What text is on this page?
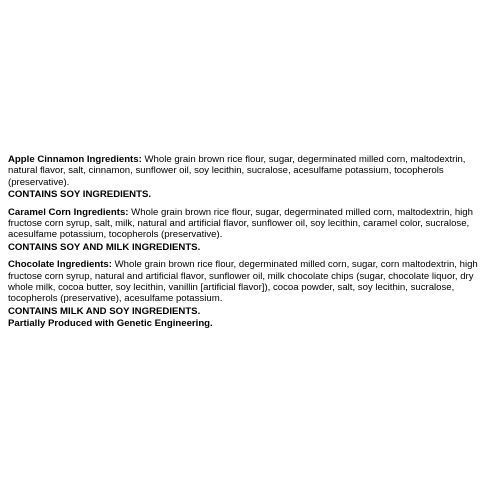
Apple Cinnamon Ingredients: Whole grain brown rice flour, sugar, degerminated milled corn, maltodextrin, natural flavor, salt, cinnamon, sunflower oil, soy lecithin, sucralose, acesulfame potassium, tocopherols (preservative).

CONTAINS SOY INGREDIENTS.

Caramel Corn Ingredients: Whole grain brown rice flour, sugar, degerminated milled corn, maltodextrin, high fructose corn syrup, salt, milk, natural and artificial flavor, sunflower oil, soy lecithin, caramel color, sucralose, acesulfame potassium, tocopherols (preservative).

CONTAINS SOY AND MILK INGREDIENTS.

Chocolate Ingredients: Whole grain brown rice flour, degerminated milled corn, sugar, corn maltodextrin, high fructose corn syrup, natural and artificial flavor, sunflower oil, milk chocolate chips (sugar, chocolate liquor, dry whole milk, cocoa butter, soy lecithin, vanillin [artificial flavor]), cocoa powder, salt, soy lecithin, sucralose, tocopherols (preservative), acesulfame potassium.

CONTAINS MILK AND SOY INGREDIENTS.

Partially Produced with Genetic Engineering.
